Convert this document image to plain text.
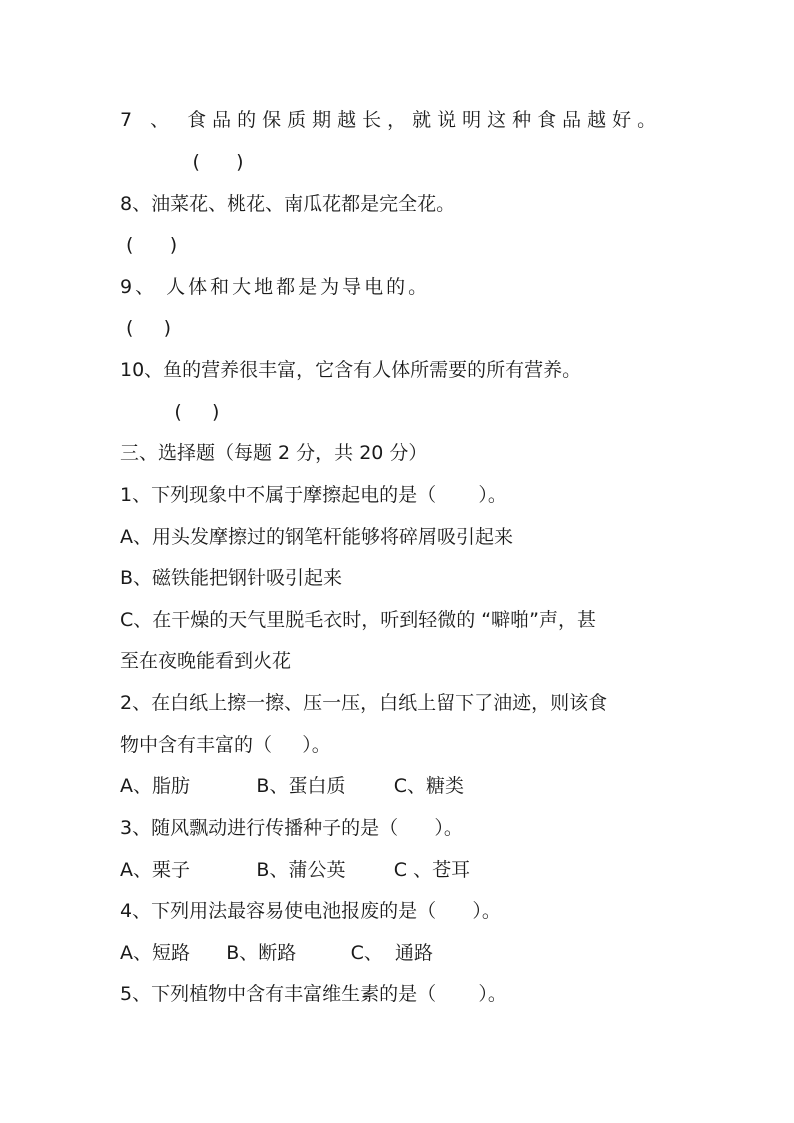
7 、 食品的保质期越长，就说明这种食品越好。

(      )

8、油菜花、桃花、南瓜花都是完全花。

(      )

9、 人体和大地都是为导电的。

(     )

10、鱼的营养很丰富，它含有人体所需要的所有营养。

(     )

三、选择题（每题 2 分，共 20 分）

1、下列现象中不属于摩擦起电的是（       ）。

A、用头发摩擦过的钢笔杆能够将碎屑吸引起来

B、磁铁能把钢针吸引起来

C、在干燥的天气里脱毛衣时，听到轻微的 “噼啪”声，甚

至在夜晚能看到火花

2、在白纸上擦一擦、压一压，白纸上留下了油迹，则该食

物中含有丰富的（     ）。

A、脂肪           B、蛋白质        C、糖类

3、随风飘动进行传播种子的是（      ）。

A、栗子           B、蒲公英        C 、苍耳

4、下列用法最容易使电池报废的是（      ）。

A、短路      B、断路         C、  通路

5、下列植物中含有丰富维生素的是（       ）。
